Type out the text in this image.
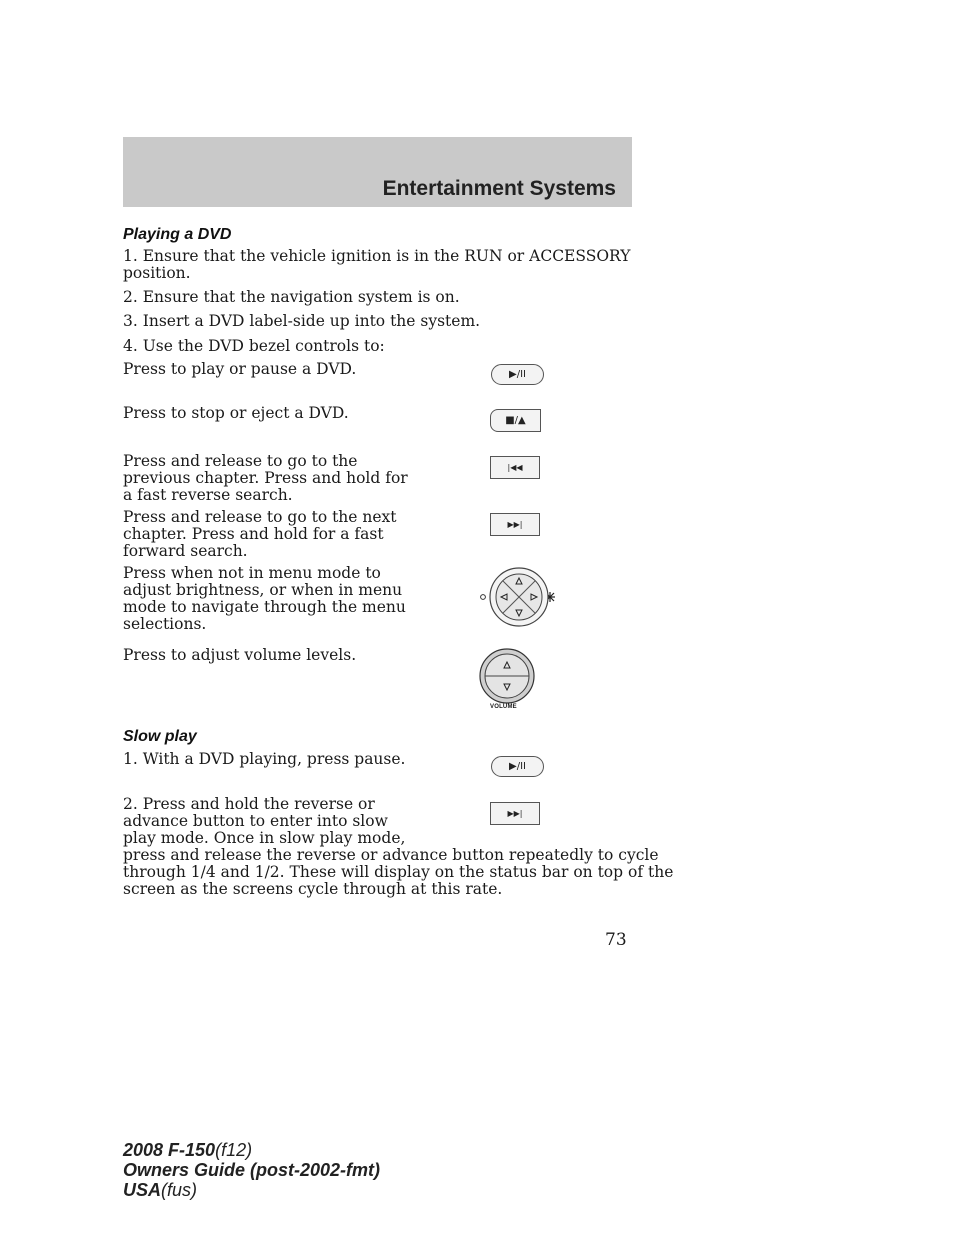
Entertainment Systems
Playing a DVD
1. Ensure that the vehicle ignition is in the RUN or ACCESSORY
position.
2. Ensure that the navigation system is on.
3. Insert a DVD label-side up into the system.
4. Use the DVD bezel controls to:
Press to play or pause a DVD.	▶/II
Press to stop or eject a DVD.	■/▲
Press and release to go to the
previous chapter. Press and hold for
a fast reverse search.
|◀◀
Press and release to go to the next
chapter. Press and hold for a fast
forward search.
▶▶|
Press when not in menu mode to
adjust brightness, or when in menu
mode to navigate through the menu
selections.
Press to adjust volume levels.
VOLUME
Slow play
1. With a DVD playing, press pause.	▶/II
2. Press and hold the reverse or
advance button to enter into slow
play mode. Once in slow play mode,
press and release the reverse or advance button repeatedly to cycle
through 1/4 and 1/2. These will display on the status bar on top of the
screen as the screens cycle through at this rate.
▶▶|
73
2008 F-150(f12)
Owners Guide (post-2002-fmt)
USA(fus)
